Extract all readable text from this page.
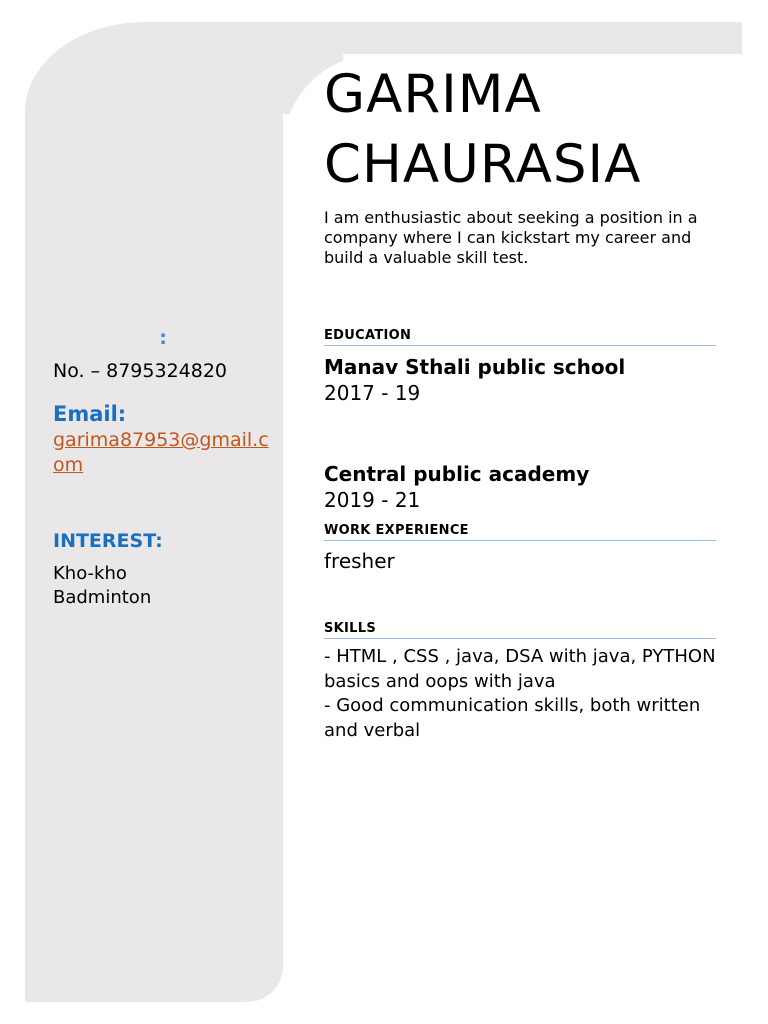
:
No. – 8795324820
Email:
garima87953@gmail.com
INTEREST:
Kho-kho
Badminton
GARIMA
CHAURASIA
I am enthusiastic about seeking a position in a company where I can kickstart my career and build a valuable skill test.
EDUCATION
Manav Sthali public school
2017 - 19
Central public academy
2019 - 21
WORK EXPERIENCE
fresher
SKILLS
- HTML , CSS , java, DSA with java, PYTHON basics and oops with java
- Good communication skills, both written and verbal
